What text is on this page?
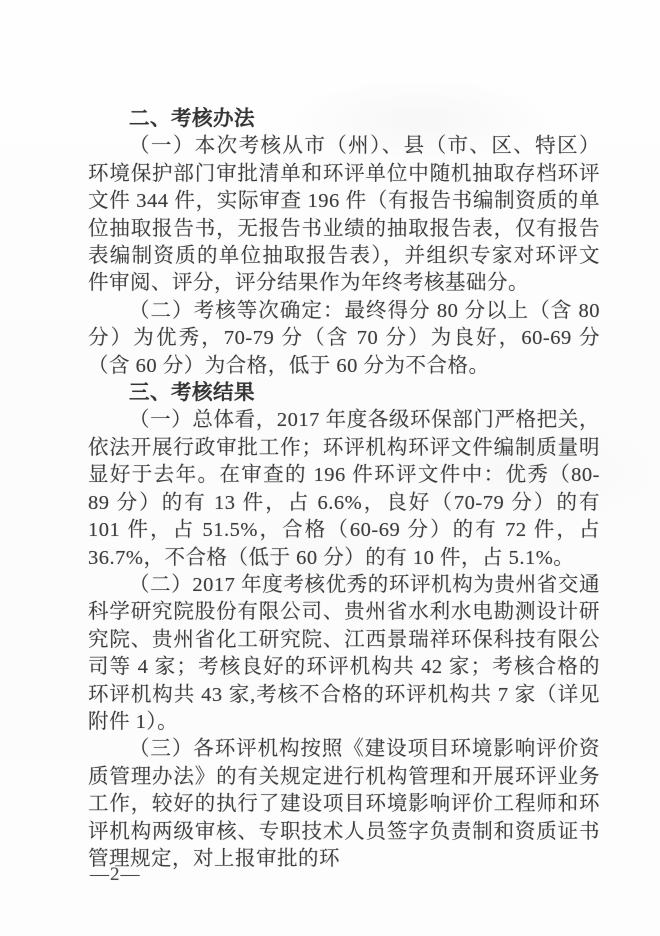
二、考核办法
（一）本次考核从市（州）、县（市、区、特区）环境保护部门审批清单和环评单位中随机抽取存档环评文件 344 件，实际审查 196 件（有报告书编制资质的单位抽取报告书，无报告书业绩的抽取报告表，仅有报告表编制资质的单位抽取报告表），并组织专家对环评文件审阅、评分，评分结果作为年终考核基础分。
（二）考核等次确定：最终得分 80 分以上（含 80 分）为优秀，70-79 分（含 70 分）为良好，60-69 分（含 60 分）为合格，低于 60 分为不合格。
三、考核结果
（一）总体看，2017 年度各级环保部门严格把关，依法开展行政审批工作；环评机构环评文件编制质量明显好于去年。在审查的 196 件环评文件中：优秀（80-89 分）的有 13 件，占 6.6%，良好（70-79 分）的有 101 件，占 51.5%，合格（60-69 分）的有 72 件，占 36.7%，不合格（低于 60 分）的有 10 件，占 5.1%。
（二）2017 年度考核优秀的环评机构为贵州省交通科学研究院股份有限公司、贵州省水利水电勘测设计研究院、贵州省化工研究院、江西景瑞祥环保科技有限公司等 4 家；考核良好的环评机构共 42 家；考核合格的环评机构共 43 家,考核不合格的环评机构共 7 家（详见附件 1）。
（三）各环评机构按照《建设项目环境影响评价资质管理办法》的有关规定进行机构管理和开展环评业务工作，较好的执行了建设项目环境影响评价工程师和环评机构两级审核、专职技术人员签字负责制和资质证书管理规定，对上报审批的环
—2—
